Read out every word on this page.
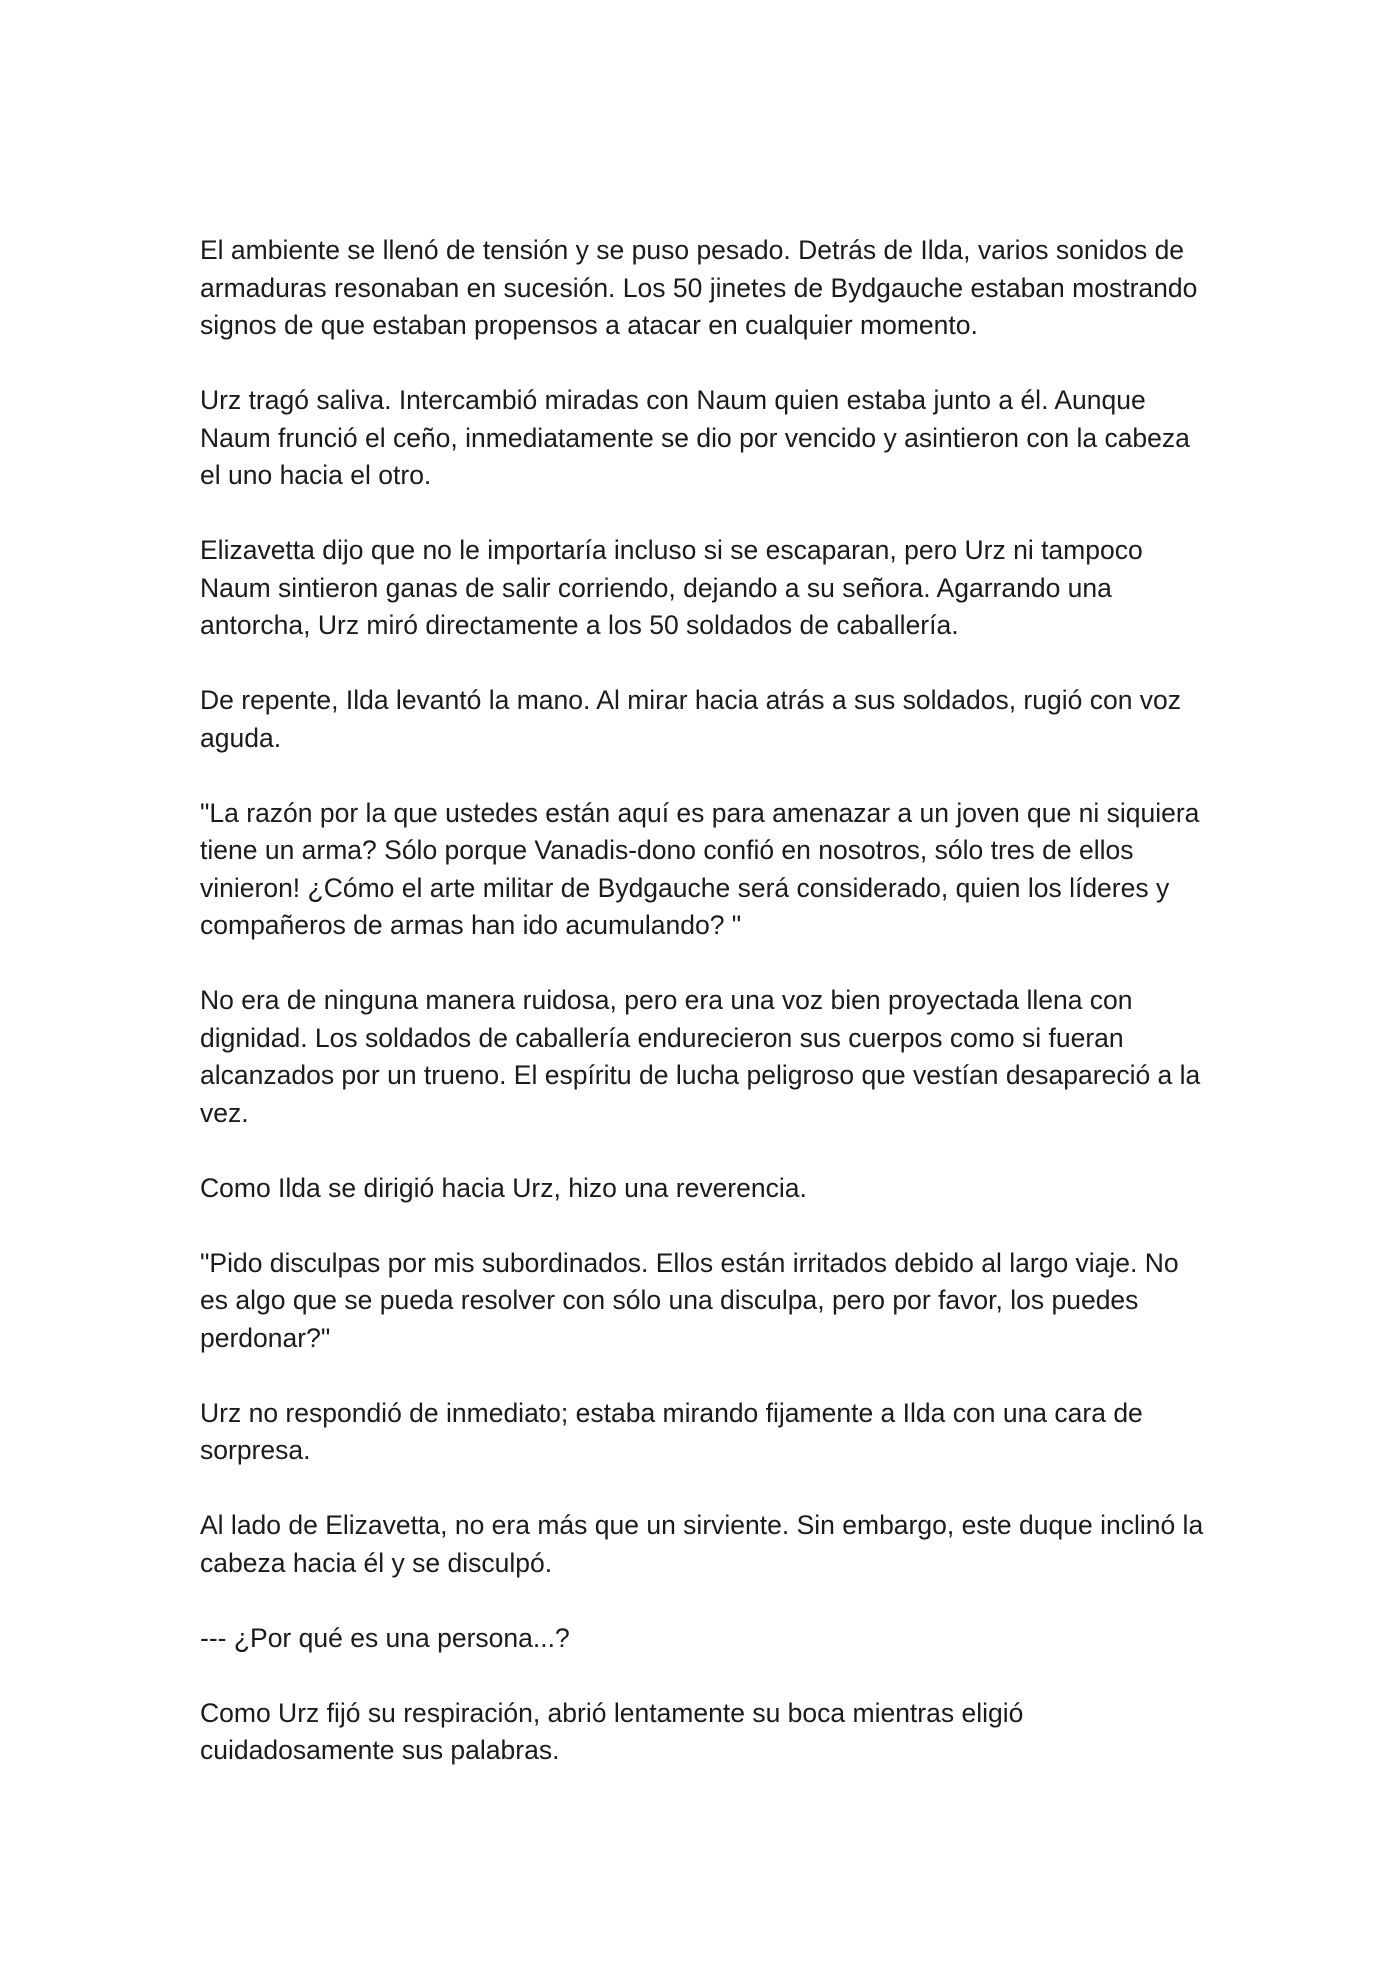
El ambiente se llenó de tensión y se puso pesado. Detrás de Ilda, varios sonidos de armaduras resonaban en sucesión. Los 50 jinetes de Bydgauche estaban mostrando signos de que estaban propensos a atacar en cualquier momento.

Urz tragó saliva. Intercambió miradas con Naum quien estaba junto a él. Aunque Naum frunció el ceño, inmediatamente se dio por vencido y asintieron con la cabeza el uno hacia el otro.

Elizavetta dijo que no le importaría incluso si se escaparan, pero Urz ni tampoco Naum sintieron ganas de salir corriendo, dejando a su señora. Agarrando una antorcha, Urz miró directamente a los 50 soldados de caballería.

De repente, Ilda levantó la mano. Al mirar hacia atrás a sus soldados, rugió con voz aguda.

"La razón por la que ustedes están aquí es para amenazar a un joven que ni siquiera tiene un arma? Sólo porque Vanadis-dono confió en nosotros, sólo tres de ellos vinieron! ¿Cómo el arte militar de Bydgauche será considerado, quien los líderes y compañeros de armas han ido acumulando? "

No era de ninguna manera ruidosa, pero era una voz bien proyectada llena con dignidad. Los soldados de caballería endurecieron sus cuerpos como si fueran alcanzados por un trueno. El espíritu de lucha peligroso que vestían desapareció a la vez.

Como Ilda se dirigió hacia Urz, hizo una reverencia.

"Pido disculpas por mis subordinados. Ellos están irritados debido al largo viaje. No es algo que se pueda resolver con sólo una disculpa, pero por favor, los puedes perdonar?"

Urz no respondió de inmediato; estaba mirando fijamente a Ilda con una cara de sorpresa.

Al lado de Elizavetta, no era más que un sirviente. Sin embargo, este duque inclinó la cabeza hacia él y se disculpó.

--- ¿Por qué es una persona...?

Como Urz fijó su respiración, abrió lentamente su boca mientras eligió cuidadosamente sus palabras.
